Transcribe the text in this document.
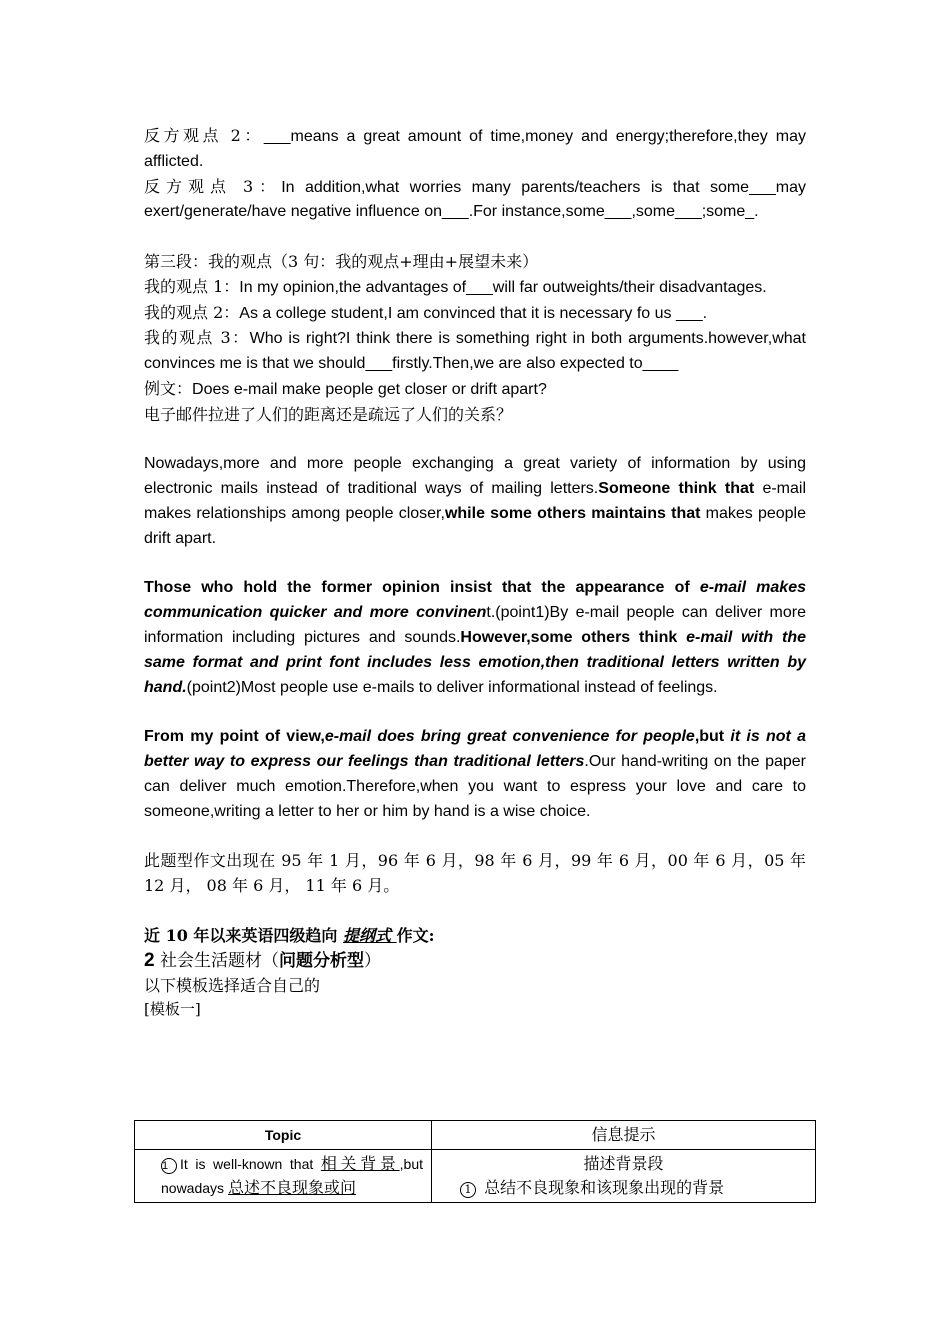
反方观点 2：___means a great amount of time,money and energy;therefore,they may afflicted.

反方观点 3：In addition,what worries many parents/teachers is that some___may exert/generate/have negative influence on___.For instance,some___,some___;some_.

第三段：我的观点（3 句：我的观点+理由+展望未来）

我的观点 1：In my opinion,the advantages of___will far outweights/their disadvantages.

我的观点 2：As a college student,I am convinced that it is necessary fo us ___.

我的观点 3：Who is right?I think there is something right in both arguments.however,what convinces me is that we should___firstly.Then,we are also expected to____

例文：Does e-mail make people get closer or drift apart?

电子邮件拉进了人们的距离还是疏远了人们的关系？

Nowadays,more and more people exchanging a great variety of information by using electronic mails instead of traditional ways of mailing letters.Someone think that e-mail makes relationships among people closer,while some others maintains that makes people drift apart.

Those who hold the former opinion insist that the appearance of e-mail makes communication quicker and more convinent.(point1)By e-mail people can deliver more information including pictures and sounds.However,some others think e-mail with the same format and print font includes less emotion,then traditional letters written by hand.(point2)Most people use e-mails to deliver informational instead of feelings.

From my point of view,e-mail does bring great convenience for people,but it is not a better way to express our feelings than traditional letters.Our hand-writing on the paper can deliver much emotion.Therefore,when you want to espress your love and care to someone,writing a letter to her or him by hand is a wise choice.

此题型作文出现在 95 年 1 月，96 年 6 月，98 年 6 月，99 年 6 月，00 年 6 月，05 年 12 月， 08 年 6 月， 11 年 6 月。

近 10 年以来英语四级趋向 提纲式 作文:

2 社会生活题材（问题分析型）

以下模板选择适合自己的

[模板一]

Topic	信息提示
1 It is well-known that 相关背景,but nowadays 总述不良现象或问	描述背景段
1 总结不良现象和该现象出现的背景
